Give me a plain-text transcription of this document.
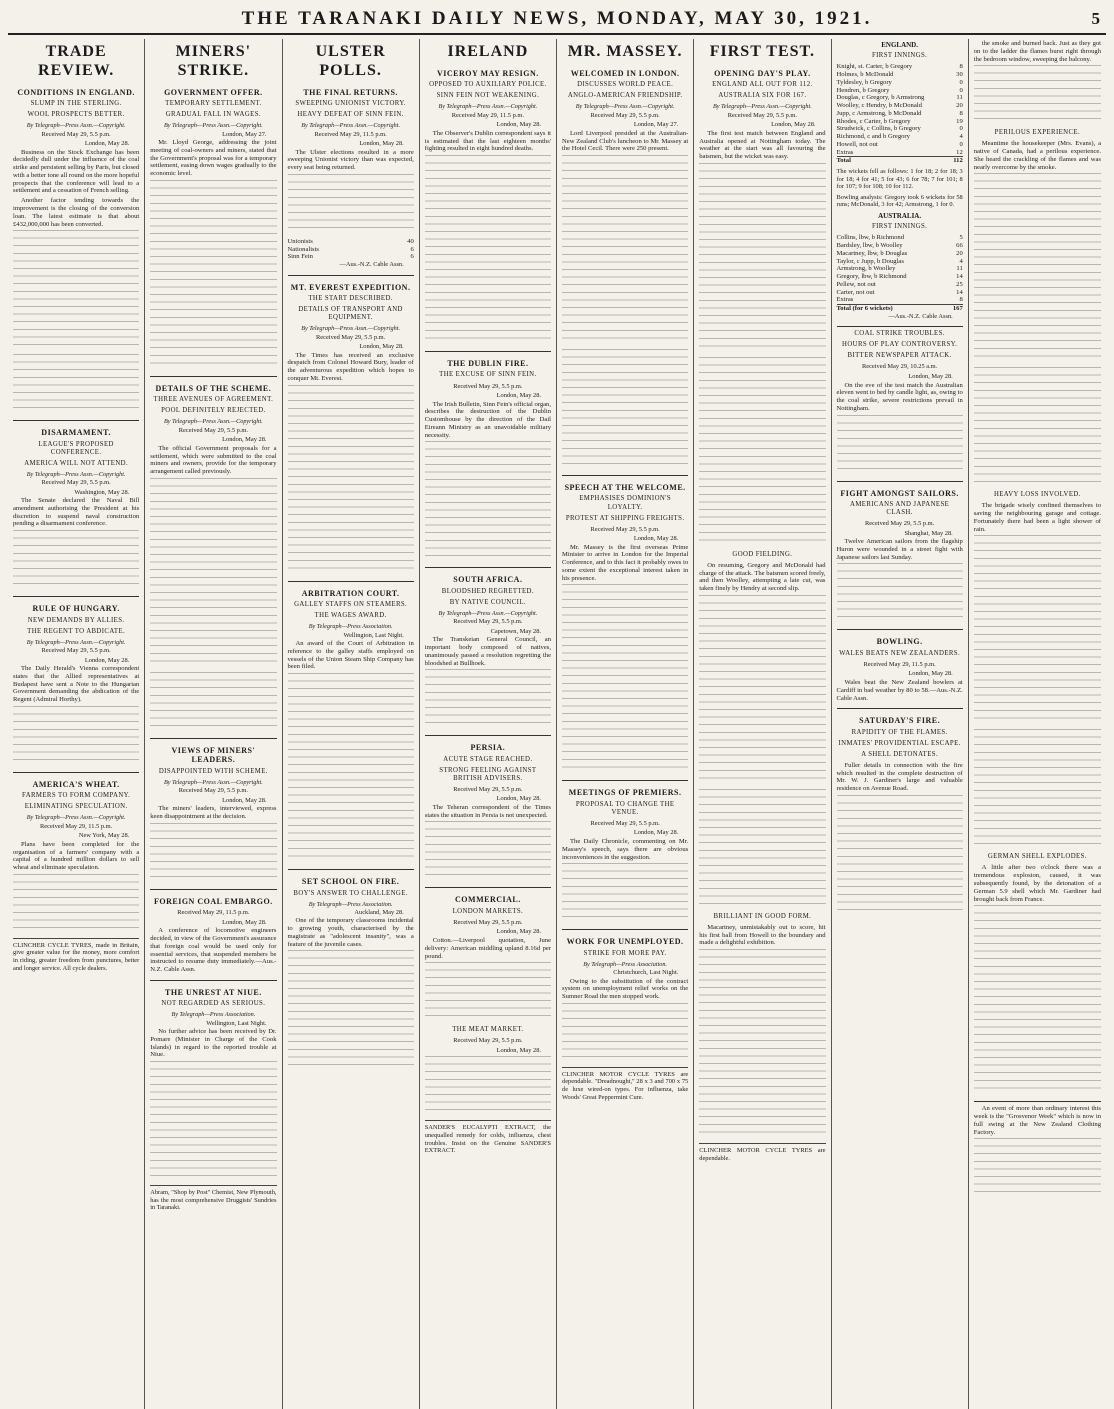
THE TARANAKI DAILY NEWS, MONDAY, MAY 30, 1921.	5
TRADE REVIEW.
CONDITIONS IN ENGLAND.
SLUMP IN THE STERLING.
WOOL PROSPECTS BETTER.
By Telegraph—Press Assn.—Copyright.
Received May 29, 5.5 p.m.
London, May 28.

Business on the Stock Exchange has been decidedly dull under the influence of the coal strike and persistent selling by Paris, but closed with a better tone all round on the more hopeful prospects that the conference will lead to a settlement and a cessation of French selling.

Another factor tending towards the improvement is the closing of the conversion loan. The latest estimate is that about £432,000,000 has been converted.

DISARMAMENT.
LEAGUE'S PROPOSED CONFERENCE.
AMERICA WILL NOT ATTEND.
By Telegraph—Press Assn.—Copyright.
Received May 29, 5.5 p.m.
Washington, May 28.

The Senate declared the Naval Bill amendment authorising the President at his discretion to suspend naval construction pending a disarmament conference.

RULE OF HUNGARY.
NEW DEMANDS BY ALLIES.
THE REGENT TO ABDICATE.
By Telegraph—Press Assn.—Copyright.
Received May 29, 5.5 p.m.
London, May 28.

The Daily Herald's Vienna correspondent states that the Allied representatives at Budapest have sent a Note to the Hungarian Government demanding the abdication of the Regent (Admiral Horthy).

AMERICA'S WHEAT.
FARMERS TO FORM COMPANY.
ELIMINATING SPECULATION.
By Telegraph—Press Assn.—Copyright.
Received May 29, 11.5 p.m.
New York, May 28.

Plans have been completed for the organisation of a farmers' company with a capital of a hundred million dollars to sell wheat and eliminate speculation.

CLINCHER CYCLE TYRES, made in Britain, give greater value for the money, more comfort in riding, greater freedom from punctures, better and longer service. All cycle dealers.
MINERS' STRIKE.
GOVERNMENT OFFER.
TEMPORARY SETTLEMENT.
GRADUAL FALL IN WAGES.
By Telegraph—Press Assn.—Copyright.
London, May 27.

Mr. Lloyd George, addressing the joint meeting of coal-owners and miners, stated that the Government's proposal was for a temporary settlement, easing down wages gradually to the economic level.

DETAILS OF THE SCHEME.
THREE AVENUES OF AGREEMENT.
POOL DEFINITELY REJECTED.
By Telegraph—Press Assn.—Copyright.
Received May 29, 5.5 p.m.
London, May 28.

The official Government proposals for a settlement, which were submitted to the coal miners and owners, provide for the temporary arrangement called previously.

VIEWS OF MINERS' LEADERS.
DISAPPOINTED WITH SCHEME.
By Telegraph—Press Assn.—Copyright.
Received May 29, 5.5 p.m.
London, May 28.

The miners' leaders, interviewed, express keen disappointment at the decision.

FOREIGN COAL EMBARGO.
Received May 29, 11.5 p.m.
London, May 28.

A conference of locomotive engineers decided, in view of the Government's assurance that foreign coal would be used only for essential services, that suspended members be instructed to resume duty immediately.—Aus.-N.Z. Cable Assn.

THE UNREST AT NIUE.
NOT REGARDED AS SERIOUS.
By Telegraph—Press Association.
Wellington, Last Night.

No further advice has been received by Dr. Pomare (Minister in Charge of the Cook Islands) in regard to the reported trouble at Niue.

Abram, "Shop by Post" Chemist, New Plymouth, has the most comprehensive Druggists' Sundries in Taranaki.
ULSTER POLLS.
THE FINAL RETURNS.
SWEEPING UNIONIST VICTORY.
HEAVY DEFEAT OF SINN FEIN.
By Telegraph—Press Assn.—Copyright.
Received May 29, 11.5 p.m.
London, May 28.

The Ulster elections resulted in a more sweeping Unionist victory than was expected, every seat being returned.

Unionists	40
Nationalists	6
Sinn Fein	6
—Aus.-N.Z. Cable Assn.
MT. EVEREST EXPEDITION.
THE START DESCRIBED.
DETAILS OF TRANSPORT AND EQUIPMENT.
By Telegraph—Press Assn.—Copyright.
Received May 29, 5.5 p.m.
London, May 28.

The Times has received an exclusive despatch from Colonel Howard Bury, leader of the adventurous expedition which hopes to conquer Mt. Everest.

ARBITRATION COURT.
GALLEY STAFFS ON STEAMERS.
THE WAGES AWARD.
By Telegraph—Press Association.
Wellington, Last Night.

An award of the Court of Arbitration in reference to the galley staffs employed on vessels of the Union Steam Ship Company has been filed.

SET SCHOOL ON FIRE.
BOY'S ANSWER TO CHALLENGE.
By Telegraph—Press Association.
Auckland, May 28.

One of the temporary classrooms incidental to growing youth, characterised by the magistrate as "adolescent insanity", was a feature of the juvenile cases.

IRELAND
VICEROY MAY RESIGN.
OPPOSED TO AUXILIARY POLICE.
SINN FEIN NOT WEAKENING.
By Telegraph—Press Assn.—Copyright.
Received May 29, 11.5 p.m.
London, May 28.

The Observer's Dublin correspondent says it is estimated that the last eighteen months' fighting resulted in eight hundred deaths.

THE DUBLIN FIRE.
THE EXCUSE OF SINN FEIN.
Received May 29, 5.5 p.m.
London, May 28.

The Irish Bulletin, Sinn Fein's official organ, describes the destruction of the Dublin Customhouse by the direction of the Dail Eireann Ministry as an unavoidable military necessity.

SOUTH AFRICA.
BLOODSHED REGRETTED.
BY NATIVE COUNCIL.
By Telegraph—Press Assn.—Copyright.
Received May 29, 5.5 p.m.
Capetown, May 28.

The Transkeian General Council, an important body composed of natives, unanimously passed a resolution regretting the bloodshed at Bullhoek.

PERSIA.
ACUTE STAGE REACHED.
STRONG FEELING AGAINST BRITISH ADVISERS.
Received May 29, 5.5 p.m.
London, May 28.

The Teheran correspondent of the Times states the situation in Persia is not unexpected.

COMMERCIAL.
LONDON MARKETS.
Received May 29, 5.5 p.m.
London, May 28.

Cotton.—Liverpool quotation, June delivery: American middling upland 8.16d per pound.

THE MEAT MARKET.
Received May 29, 5.5 p.m.
London, May 28.
SANDER'S EUCALYPTI EXTRACT, the unequalled remedy for colds, influenza, chest troubles. Insist on the Genuine SANDER'S EXTRACT.
MR. MASSEY.
WELCOMED IN LONDON.
DISCUSSES WORLD PEACE.
ANGLO-AMERICAN FRIENDSHIP.
By Telegraph—Press Assn.—Copyright.
Received May 29, 5.5 p.m.
London, May 27.

Lord Liverpool presided at the Australian-New Zealand Club's luncheon to Mr. Massey at the Hotel Cecil. There were 250 present.

SPEECH AT THE WELCOME.
EMPHASISES DOMINION'S LOYALTY.
PROTEST AT SHIPPING FREIGHTS.
Received May 29, 5.5 p.m.
London, May 28.

Mr. Massey is the first overseas Prime Minister to arrive in London for the Imperial Conference, and to this fact it probably owes to some extent the exceptional interest taken in his presence.

MEETINGS OF PREMIERS.
PROPOSAL TO CHANGE THE VENUE.
Received May 29, 5.5 p.m.
London, May 28.

The Daily Chronicle, commenting on Mr. Massey's speech, says there are obvious inconveniences in the suggestion.

WORK FOR UNEMPLOYED.
STRIKE FOR MORE PAY.
By Telegraph—Press Association.
Christchurch, Last Night.

Owing to the substitution of the contract system on unemployment relief works on the Sumner Road the men stopped work.

CLINCHER MOTOR CYCLE TYRES are dependable. "Dreadnought," 28 x 3 and 700 x 75 de luxe wired-on types. For influenza, take Woods' Great Peppermint Cure.
FIRST TEST.
OPENING DAY'S PLAY.
ENGLAND ALL OUT FOR 112.
AUSTRALIA SIX FOR 167.
By Telegraph—Press Assn.—Copyright.
Received May 29, 5.5 p.m.
London, May 28.

The first test match between England and Australia opened at Nottingham today. The weather at the start was all favouring the batsmen, but the wicket was easy.

GOOD FIELDING.

On resuming, Gregory and McDonald had charge of the attack. The batsmen scored freely, and then Woolley, attempting a late cut, was taken finely by Hendry at second slip.

BRILLIANT IN GOOD FORM.

Macartney, unmistakably out to score, hit his first ball from Howell to the boundary and made a delightful exhibition.

CLINCHER MOTOR CYCLE TYRES are dependable.
ENGLAND.
FIRST INNINGS.
Knight, st. Carter, b Gregory	8
Holmes, b McDonald	30
Tyldesley, b Gregory	0
Hendren, b Gregory	0
Douglas, c Gregory, b Armstrong	11
Woolley, c Hendry, b McDonald	20
Jupp, c Armstrong, b McDonald	8
Rhodes, c Carter, b Gregory	19
Strudwick, c Collins, b Gregory	0
Richmond, c and b Gregory	4
Howell, not out	0
Extras	12
Total	112
The wickets fell as follows: 1 for 18; 2 for 18; 3 for 18; 4 for 41; 5 for 43; 6 for 78; 7 for 101; 8 for 107; 9 for 108; 10 for 112.
Bowling analysis: Gregory took 6 wickets for 58 runs; McDonald, 3 for 42; Armstrong, 1 for 0.
AUSTRALIA.
FIRST INNINGS.
Collins, lbw, b Richmond	5
Bardsley, lbw, b Woolley	66
Macartney, lbw, b Douglas	20
Taylor, c Jupp, b Douglas	4
Armstrong, b Woolley	11
Gregory, lbw, b Richmond	14
Pellew, not out	25
Carter, not out	14
Extras	8
Total (for 6 wickets)	167
—Aus.-N.Z. Cable Assn.
COAL STRIKE TROUBLES.
HOURS OF PLAY CONTROVERSY.
BITTER NEWSPAPER ATTACK.
Received May 29, 10.25 a.m.
London, May 28.

On the eve of the test match the Australian eleven went to bed by candle light, as, owing to the coal strike, severe restrictions prevail in Nottingham.

FIGHT AMONGST SAILORS.
AMERICANS AND JAPANESE CLASH.
Received May 29, 5.5 p.m.
Shanghai, May 28.

Twelve American sailors from the flagship Huron were wounded in a street fight with Japanese sailors last Sunday.

BOWLING.
WALES BEATS NEW ZEALANDERS.
Received May 29, 11.5 p.m.
London, May 28.

Wales beat the New Zealand bowlers at Cardiff in bad weather by 80 to 58.—Aus.-N.Z. Cable Assn.

SATURDAY'S FIRE.
RAPIDITY OF THE FLAMES.
INMATES' PROVIDENTIAL ESCAPE.
A SHELL DETONATES.

Fuller details in connection with the fire which resulted in the complete destruction of Mr. W. J. Gardiner's large and valuable residence on Avenue Road.

the smoke and burned back. Just as they got on to the ladder the flames burst right through the bedroom window, sweeping the balcony.

PERILOUS EXPERIENCE.

Meantime the housekeeper (Mrs. Evans), a native of Canada, had a perilous experience. She heard the crackling of the flames and was nearly overcome by the smoke.

HEAVY LOSS INVOLVED.

The brigade wisely confined themselves to saving the neighbouring garage and cottage. Fortunately there had been a light shower of rain.

GERMAN SHELL EXPLODES.

A little after two o'clock there was a tremendous explosion, caused, it was subsequently found, by the detonation of a German 5.9 shell which Mr. Gardiner had brought back from France.

An event of more than ordinary interest this week is the "Grosvenor Week" which is now in full swing at the New Zealand Clothing Factory.
